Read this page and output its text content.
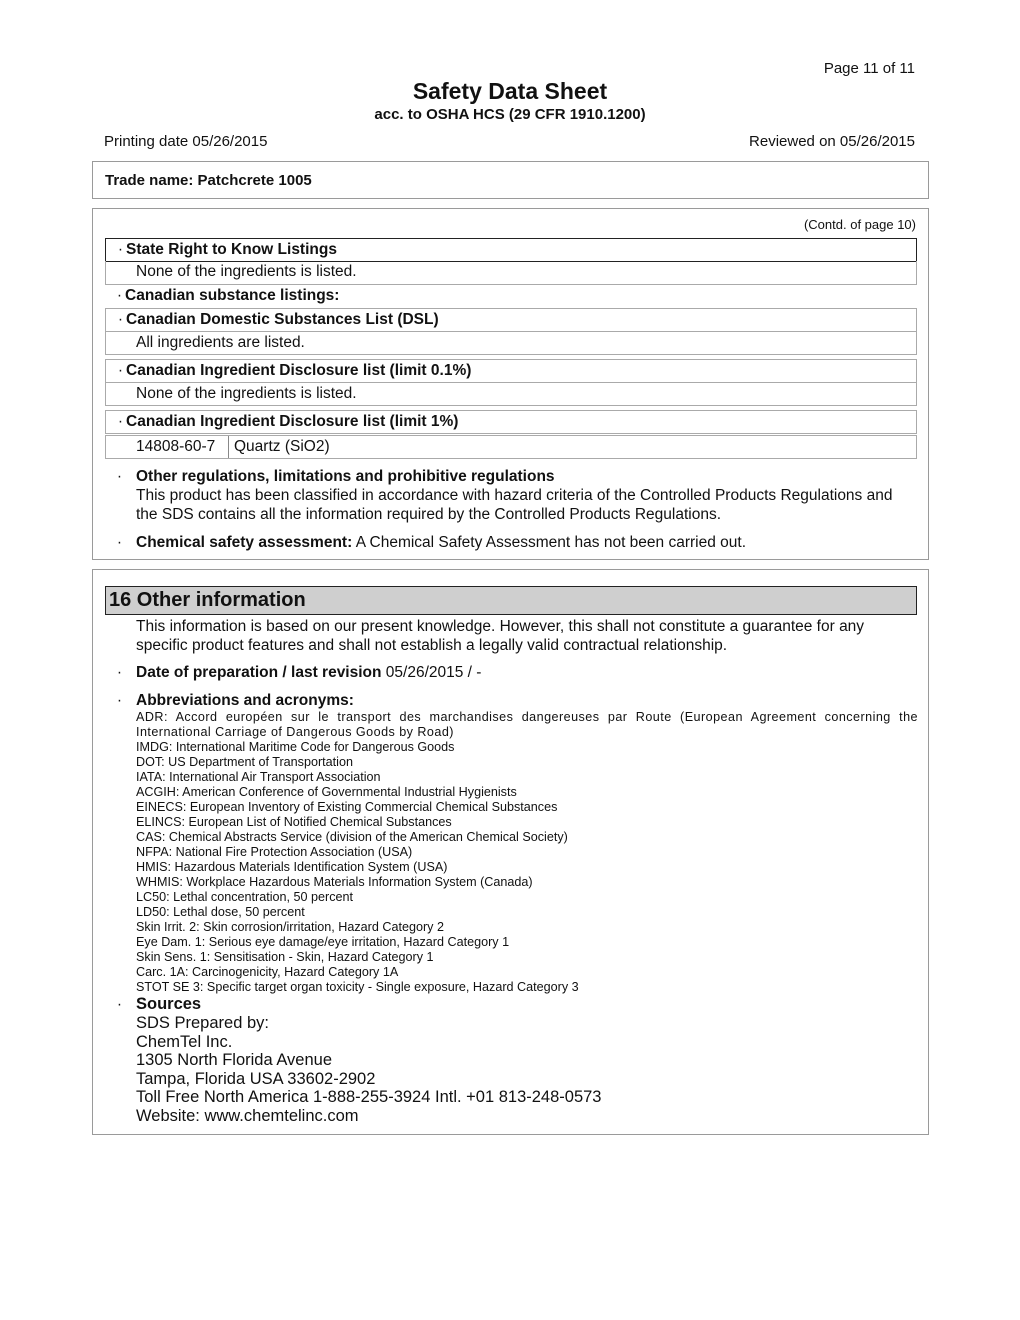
Page 11 of 11
Safety Data Sheet
acc. to OSHA HCS (29 CFR 1910.1200)
Printing date 05/26/2015	Reviewed on 05/26/2015
Trade name: Patchcrete 1005
(Contd. of page 10)
· State Right to Know Listings
None of the ingredients is listed.
· Canadian substance listings:
· Canadian Domestic Substances List (DSL)
All ingredients are listed.
· Canadian Ingredient Disclosure list (limit 0.1%)
None of the ingredients is listed.
· Canadian Ingredient Disclosure list (limit 1%)
14808-60-7 Quartz (SiO2)
· Other regulations, limitations and prohibitive regulations
This product has been classified in accordance with hazard criteria of the Controlled Products Regulations and the SDS contains all the information required by the Controlled Products Regulations.
· Chemical safety assessment: A Chemical Safety Assessment has not been carried out.
16 Other information
This information is based on our present knowledge. However, this shall not constitute a guarantee for any specific product features and shall not establish a legally valid contractual relationship.
· Date of preparation / last revision 05/26/2015 / -
· Abbreviations and acronyms:
ADR: Accord européen sur le transport des marchandises dangereuses par Route (European Agreement concerning the International Carriage of Dangerous Goods by Road)
IMDG: International Maritime Code for Dangerous Goods
DOT: US Department of Transportation
IATA: International Air Transport Association
ACGIH: American Conference of Governmental Industrial Hygienists
EINECS: European Inventory of Existing Commercial Chemical Substances
ELINCS: European List of Notified Chemical Substances
CAS: Chemical Abstracts Service (division of the American Chemical Society)
NFPA: National Fire Protection Association (USA)
HMIS: Hazardous Materials Identification System (USA)
WHMIS: Workplace Hazardous Materials Information System (Canada)
LC50: Lethal concentration, 50 percent
LD50: Lethal dose, 50 percent
Skin Irrit. 2: Skin corrosion/irritation, Hazard Category 2
Eye Dam. 1: Serious eye damage/eye irritation, Hazard Category 1
Skin Sens. 1: Sensitisation - Skin, Hazard Category 1
Carc. 1A: Carcinogenicity, Hazard Category 1A
STOT SE 3: Specific target organ toxicity - Single exposure, Hazard Category 3
· Sources
SDS Prepared by:
ChemTel Inc.
1305 North Florida Avenue
Tampa, Florida USA 33602-2902
Toll Free North America 1-888-255-3924 Intl. +01 813-248-0573
Website: www.chemtelinc.com
